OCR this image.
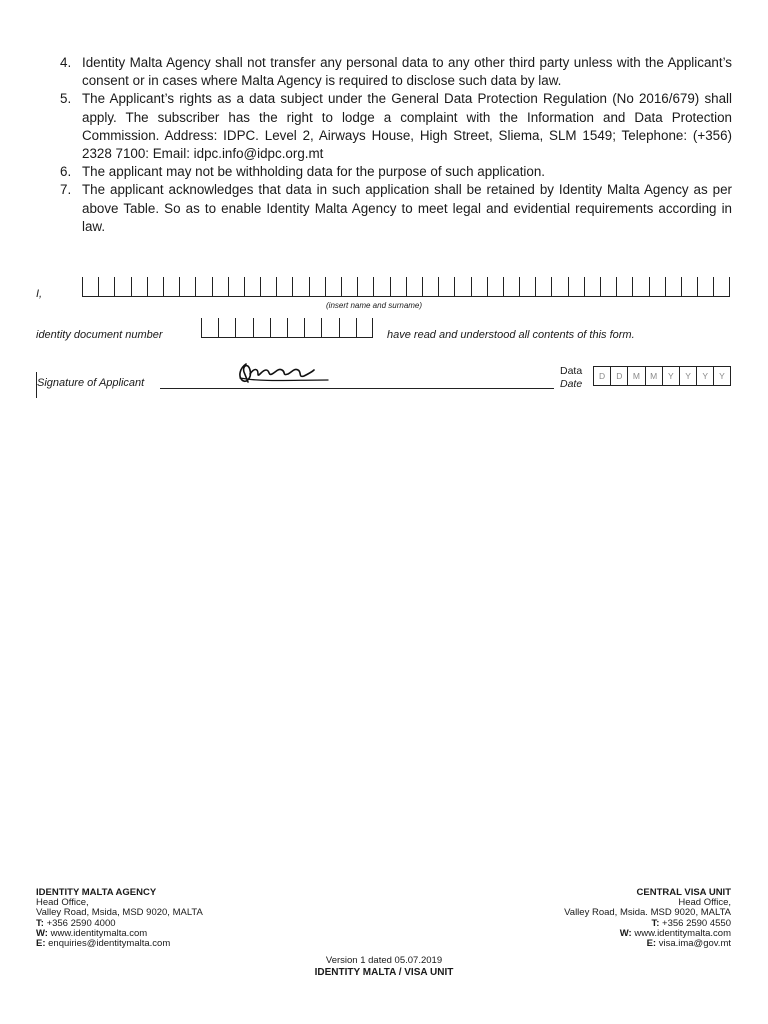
4. Identity Malta Agency shall not transfer any personal data to any other third party unless with the Applicant’s consent or in cases where Malta Agency is required to disclose such data by law.
5. The Applicant’s rights as a data subject under the General Data Protection Regulation (No 2016/679) shall apply. The subscriber has the right to lodge a complaint with the Information and Data Protection Commission. Address: IDPC. Level 2, Airways House, High Street, Sliema, SLM 1549; Telephone: (+356) 2328 7100: Email: idpc.info@idpc.org.mt
6. The applicant may not be withholding data for the purpose of such application.
7. The applicant acknowledges that data in such application shall be retained by Identity Malta Agency as per above Table. So as to enable Identity Malta Agency to meet legal and evidential requirements according in law.
I,
(insert name and surname)
identity document number	have read and understood all contents of this form.
Signature of Applicant
Data
Date
D	D	M	M	Y	Y	Y	Y
IDENTITY MALTA AGENCY
Head Office,
Valley Road, Msida, MSD 9020, MALTA
T: +356 2590 4000
W: www.identitymalta.com
E: enquiries@identitymalta.com
CENTRAL VISA UNIT
Head Office,
Valley Road, Msida. MSD 9020, MALTA
T: +356 2590 4550
W: www.identitymalta.com
E: visa.ima@gov.mt
Version 1 dated 05.07.2019
IDENTITY MALTA / VISA UNIT
